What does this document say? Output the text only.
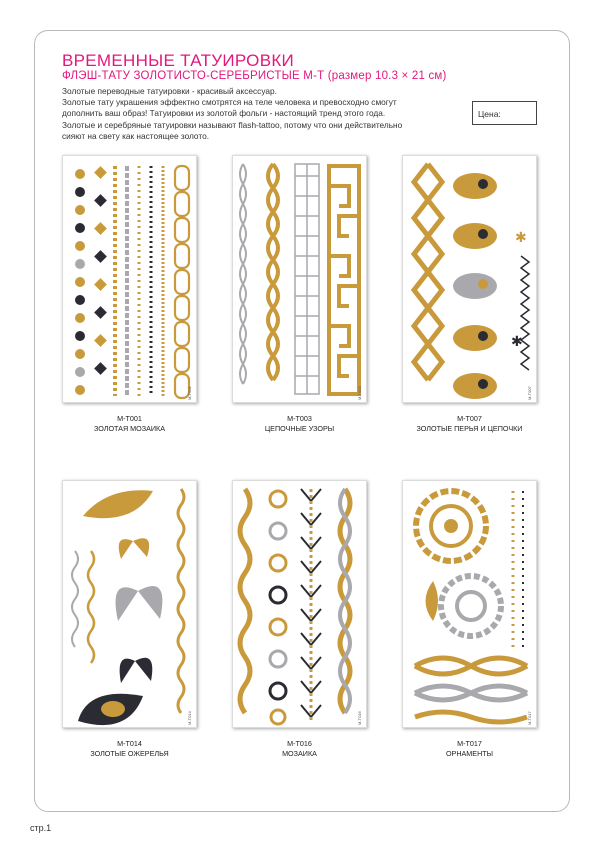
ВРЕМЕННЫЕ ТАТУИРОВКИ
ФЛЭШ-ТАТУ ЗОЛОТИСТО-СЕРЕБРИСТЫЕ М-Т (размер 10.3 × 21 см)
Золотые переводные татуировки - красивый аксессуар.
Золотые тату украшения эффектно смотрятся на теле человека и превосходно смогут
дополнить ваш образ! Татуировки из золотой фольги - настоящий тренд этого года.
Золотые и серебряные татуировки называют flash-tattoo, потому что они действительно
сияют на свету как настоящее золото.
Цена:
M-T001
M-T001
ЗОЛОТАЯ МОЗАИКА
M-T003
M-T003
ЦЕПОЧНЫЕ УЗОРЫ
✱
✱
M-T007
M-T007
ЗОЛОТЫЕ ПЕРЬЯ И ЦЕПОЧКИ
M-T014
M-T014
ЗОЛОТЫЕ ОЖЕРЕЛЬЯ
M-T016
M-T016
МОЗАИКА
M-T017
M-T017
ОРНАМЕНТЫ
стр.1
